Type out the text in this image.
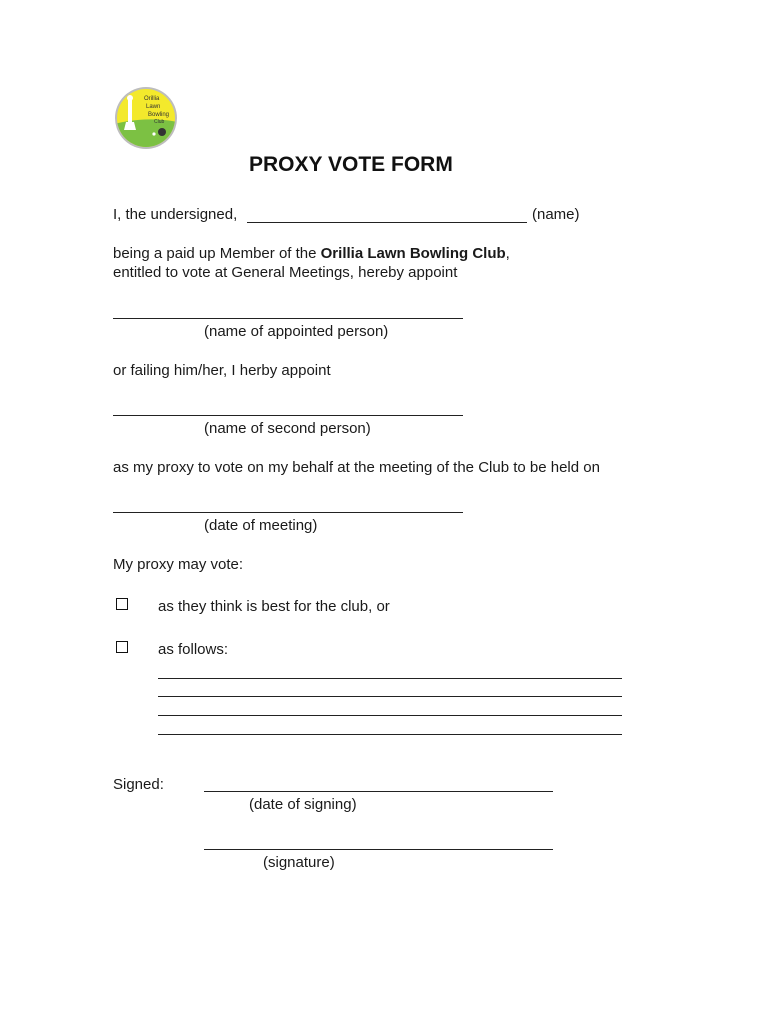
Orillia
Lawn
Bowling
Club
PROXY VOTE FORM
I, the undersigned,	(name)
being a paid up Member of the Orillia Lawn Bowling Club,
entitled to vote at General Meetings, hereby appoint
(name of appointed person)
or failing him/her, I herby appoint
(name of second person)
as my proxy to vote on my behalf at the meeting of the Club to be held on
(date of meeting)
My proxy may vote:
as they think is best for the club, or
as follows:
Signed:
(date of signing)
(signature)
